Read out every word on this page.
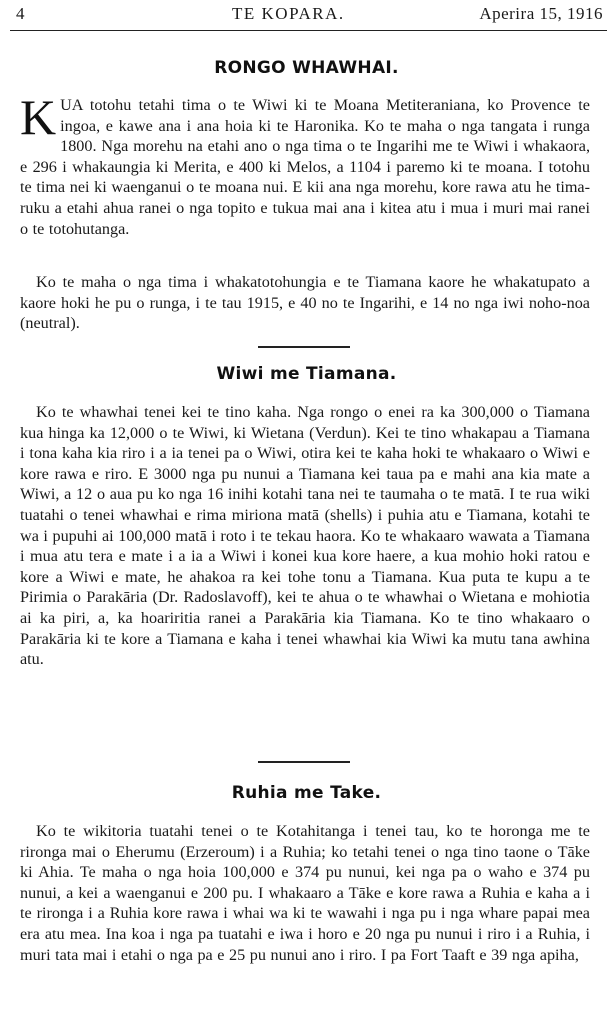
4	TE KOPARA.	Aperira 15, 1916
RONGO WHAWHAI.

KUA totohu tetahi tima o te Wiwi ki te Moana Metiteraniana, ko Provence te ingoa, e kawe ana i ana hoia ki te Haronika. Ko te maha o nga tangata i runga 1800. Nga morehu na etahi ano o nga tima o te Ingarihi me te Wiwi i whakaora, e 296 i whakaungia ki Merita, e 400 ki Melos, a 1104 i paremo ki te moana. I totohu te tima nei ki waenganui o te moana nui. E kii ana nga morehu, kore rawa atu he tima-ruku a etahi ahua ranei o nga topito e tukua mai ana i kitea atu i mua i muri mai ranei o te totohutanga.

Ko te maha o nga tima i whakatotohungia e te Tiamana kaore he whakatupato a kaore hoki he pu o runga, i te tau 1915, e 40 no te Ingarihi, e 14 no nga iwi noho-noa (neutral).

Wiwi me Tiamana.

Ko te whawhai tenei kei te tino kaha. Nga rongo o enei ra ka 300,000 o Tiamana kua hinga ka 12,000 o te Wiwi, ki Wietana (Verdun). Kei te tino whakapau a Tiamana i tona kaha kia riro i a ia tenei pa o Wiwi, otira kei te kaha hoki te whakaaro o Wiwi e kore rawa e riro. E 3000 nga pu nunui a Tiamana kei taua pa e mahi ana kia mate a Wiwi, a 12 o aua pu ko nga 16 inihi kotahi tana nei te taumaha o te matā. I te rua wiki tuatahi o tenei whawhai e rima miriona matā (shells) i puhia atu e Tiamana, kotahi te wa i pupuhi ai 100,000 matā i roto i te tekau haora. Ko te whakaaro wawata a Tiamana i mua atu tera e mate i a ia a Wiwi i konei kua kore haere, a kua mohio hoki ratou e kore a Wiwi e mate, he ahakoa ra kei tohe tonu a Tiamana. Kua puta te kupu a te Pirimia o Parakāria (Dr. Radoslavoff), kei te ahua o te whawhai o Wietana e mohiotia ai ka piri, a, ka hoariritia ranei a Parakāria kia Tiamana. Ko te tino whakaaro o Parakāria ki te kore a Tiamana e kaha i tenei whawhai kia Wiwi ka mutu tana awhina atu.

Ruhia me Take.

Ko te wikitoria tuatahi tenei o te Kotahitanga i tenei tau, ko te horonga me te rironga mai o Eherumu (Erzeroum) i a Ruhia; ko tetahi tenei o nga tino taone o Tāke ki Ahia. Te maha o nga hoia 100,000 e 374 pu nunui, kei nga pa o waho e 374 pu nunui, a kei a waenganui e 200 pu. I whakaaro a Tāke e kore rawa a Ruhia e kaha a i te rironga i a Ruhia kore rawa i whai wa ki te wawahi i nga pu i nga whare papai mea era atu mea. Ina koa i nga pa tuatahi e iwa i horo e 20 nga pu nunui i riro i a Ruhia, i muri tata mai i etahi o nga pa e 25 pu nunui ano i riro. I pa Fort Taaft e 39 nga apiha,
